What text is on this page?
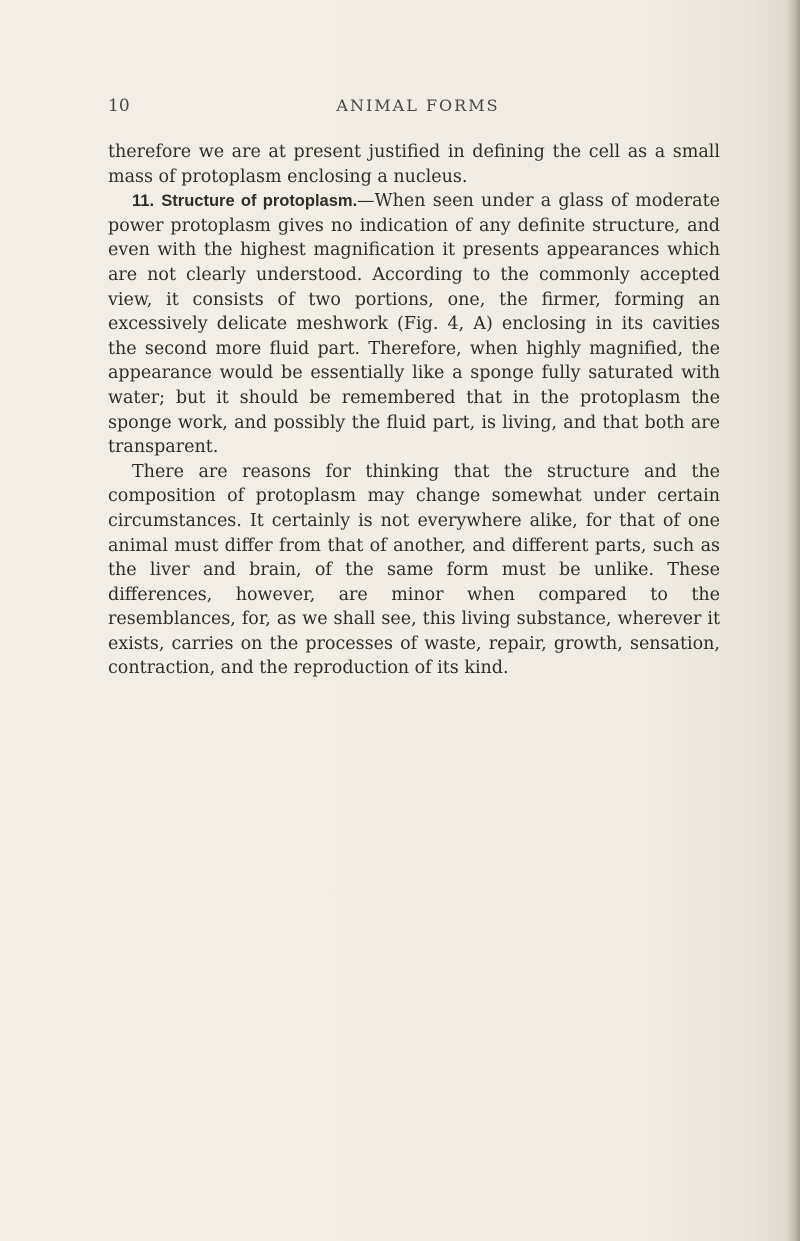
10	ANIMAL FORMS

therefore we are at present justified in defining the cell as a small mass of protoplasm enclosing a nucleus.

11. Structure of protoplasm.—When seen under a glass of moderate power protoplasm gives no indication of any definite structure, and even with the highest magnification it presents appearances which are not clearly understood. According to the commonly accepted view, it consists of two portions, one, the firmer, forming an excessively delicate meshwork (Fig. 4, A) enclosing in its cavities the second more fluid part. Therefore, when highly magnified, the appearance would be essentially like a sponge fully saturated with water; but it should be remembered that in the protoplasm the sponge work, and possibly the fluid part, is living, and that both are transparent.

There are reasons for thinking that the structure and the composition of protoplasm may change somewhat under certain circumstances. It certainly is not everywhere alike, for that of one animal must differ from that of another, and different parts, such as the liver and brain, of the same form must be unlike. These differences, however, are minor when compared to the resemblances, for, as we shall see, this living substance, wherever it exists, carries on the processes of waste, repair, growth, sensation, contraction, and the reproduction of its kind.
